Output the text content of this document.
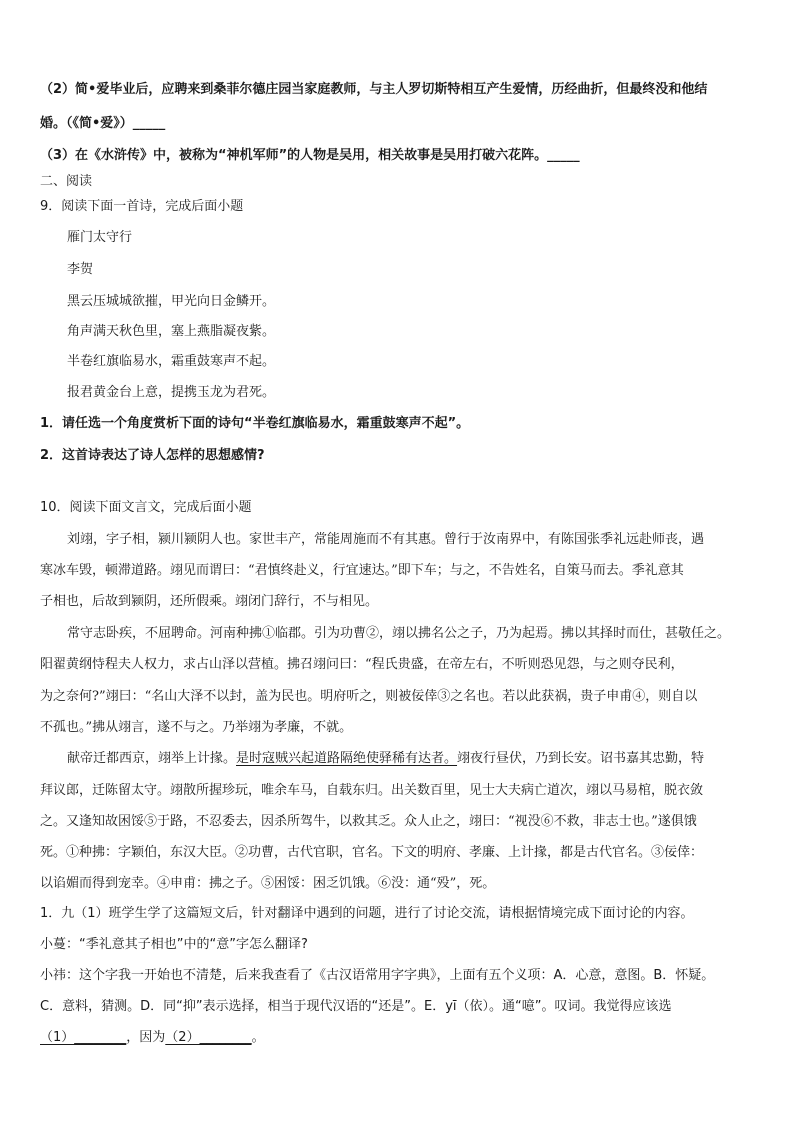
（2）简•爱毕业后，应聘来到桑菲尔德庄园当家庭教师，与主人罗切斯特相互产生爱情，历经曲折，但最终没和他结
婚。（《简•爱》）_____
（3）在《水浒传》中，被称为“神机军师”的人物是吴用，相关故事是吴用打破六花阵。_____
二、阅读
9．阅读下面一首诗，完成后面小题
雁门太守行
李贺
黑云压城城欲摧，甲光向日金鳞开。
角声满天秋色里，塞上燕脂凝夜紫。
半卷红旗临易水，霜重鼓寒声不起。
报君黄金台上意，提携玉龙为君死。
1．请任选一个角度赏析下面的诗句“半卷红旗临易水，霜重鼓寒声不起”。
2．这首诗表达了诗人怎样的思想感情?
10．阅读下面文言文，完成后面小题
刘翊，字子相，颍川颍阴人也。家世丰产，常能周施而不有其惠。曾行于汝南界中，有陈国张季礼远赴师丧，遇
寒冰车毁，顿滞道路。翊见而谓曰：“君慎终赴义，行宜速达。”即下车；与之，不告姓名，自策马而去。季礼意其
子相也，后故到颍阴，还所假乘。翊闭门辞行，不与相见。
常守志卧疾，不屈聘命。河南种拂①临郡。引为功曹②，翊以拂名公之子，乃为起焉。拂以其择时而仕，甚敬任之。
阳翟黄纲恃程夫人权力，求占山泽以营植。拂召翊问曰：“程氏贵盛，在帝左右，不听则恐见怨，与之则夺民利，
为之奈何?”翊曰：“名山大泽不以封，盖为民也。明府听之，则被佞倖③之名也。若以此获祸，贵子申甫④，则自以
不孤也。”拂从翊言，遂不与之。乃举翊为孝廉，不就。
献帝迁都西京，翊举上计掾。是时寇贼兴起道路隔绝使驿稀有达者。翊夜行昼伏，乃到长安。诏书嘉其忠勤，特
拜议郎，迁陈留太守。翊散所握珍玩，唯余车马，自载东归。出关数百里，见士大夫病亡道次，翊以马易棺，脱衣敛
之。又逢知故困馁⑤于路，不忍委去，因杀所驾牛，以救其乏。众人止之，翊曰：“视没⑥不救，非志士也。”遂俱饿
死。①种拂：字颖伯，东汉大臣。②功曹，古代官职，官名。下文的明府、孝廉、上计掾，都是古代官名。③佞倖：
以谄媚而得到宠幸。④申甫：拂之子。⑤困馁：困乏饥饿。⑥没：通“殁”，死。
1．九（1）班学生学了这篇短文后，针对翻译中遇到的问题，进行了讨论交流，请根据情境完成下面讨论的内容。
小蔓：“季礼意其子相也”中的“意”字怎么翻译?
小祎：这个字我一开始也不清楚，后来我查看了《古汉语常用字字典》，上面有五个义项：A．心意，意图。B．怀疑。
C．意料，猜测。D．同“抑”表示选择，相当于现代汉语的“还是”。E．yī（依）。通“噫”。叹词。我觉得应该选
（1）________，因为（2）________。
